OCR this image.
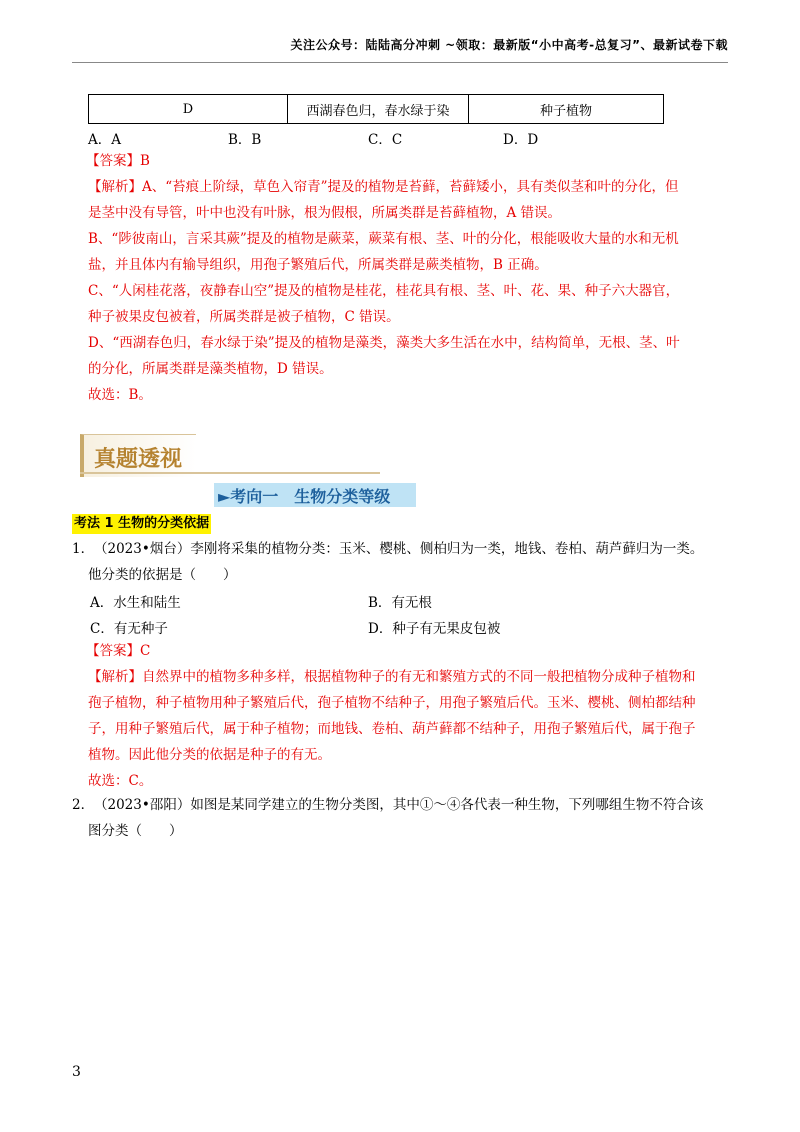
关注公众号：陆陆高分冲刺 ~领取：最新版“小中高考-总复习”、最新试卷下载
D	西湖春色归，春水绿于染	种子植物
A．A	B．B	C．C	D．D
【答案】B
【解析】A、“苔痕上阶绿，草色入帘青”提及的植物是苔藓，苔藓矮小，具有类似茎和叶的分化，但
是茎中没有导管，叶中也没有叶脉，根为假根，所属类群是苔藓植物，A 错误。
B、“陟彼南山，言采其蕨”提及的植物是蕨菜，蕨菜有根、茎、叶的分化，根能吸收大量的水和无机
盐，并且体内有输导组织，用孢子繁殖后代，所属类群是蕨类植物，B 正确。
C、“人闲桂花落，夜静春山空”提及的植物是桂花，桂花具有根、茎、叶、花、果、种子六大器官，
种子被果皮包被着，所属类群是被子植物，C 错误。
D、“西湖春色归，春水绿于染”提及的植物是藻类，藻类大多生活在水中，结构简单，无根、茎、叶
的分化，所属类群是藻类植物，D 错误。
故选：B。
真题透视
►考向一　生物分类等级
考法 1 生物的分类依据
1． （2023•烟台）李刚将采集的植物分类：玉米、樱桃、侧柏归为一类，地钱、卷柏、葫芦藓归为一类。
他分类的依据是（　　）
A．水生和陆生	B．有无根
C．有无种子	D．种子有无果皮包被
【答案】C
【解析】自然界中的植物多种多样，根据植物种子的有无和繁殖方式的不同一般把植物分成种子植物和
孢子植物，种子植物用种子繁殖后代，孢子植物不结种子，用孢子繁殖后代。玉米、樱桃、侧柏都结种
子，用种子繁殖后代，属于种子植物；而地钱、卷柏、葫芦藓都不结种子，用孢子繁殖后代，属于孢子
植物。因此他分类的依据是种子的有无。
故选：C。
2． （2023•邵阳）如图是某同学建立的生物分类图，其中①～④各代表一种生物，下列哪组生物不符合该
图分类（　　）
3
